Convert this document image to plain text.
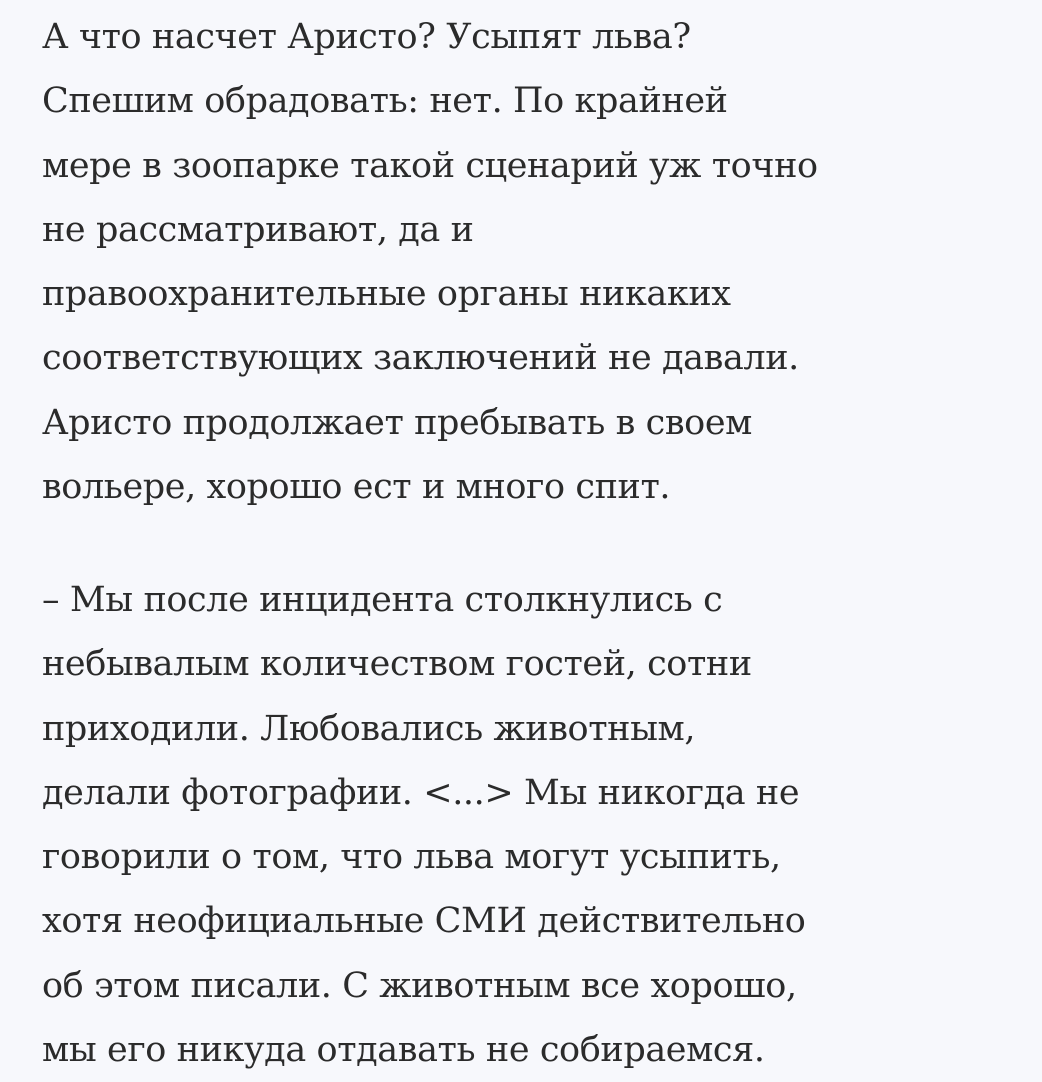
А что насчет Аристо? Усыпят льва?
Спешим обрадовать: нет. По крайней
мере в зоопарке такой сценарий уж точно
не рассматривают, да и
правоохранительные органы никаких
соответствующих заключений не давали.
Аристо продолжает пребывать в своем
вольере, хорошо ест и много спит.

– Мы после инцидента столкнулись с
небывалым количеством гостей, сотни
приходили. Любовались животным,
делали фотографии. <...> Мы никогда не
говорили о том, что льва могут усыпить,
хотя неофициальные СМИ действительно
об этом писали. С животным все хорошо,
мы его никуда отдавать не собираемся.
